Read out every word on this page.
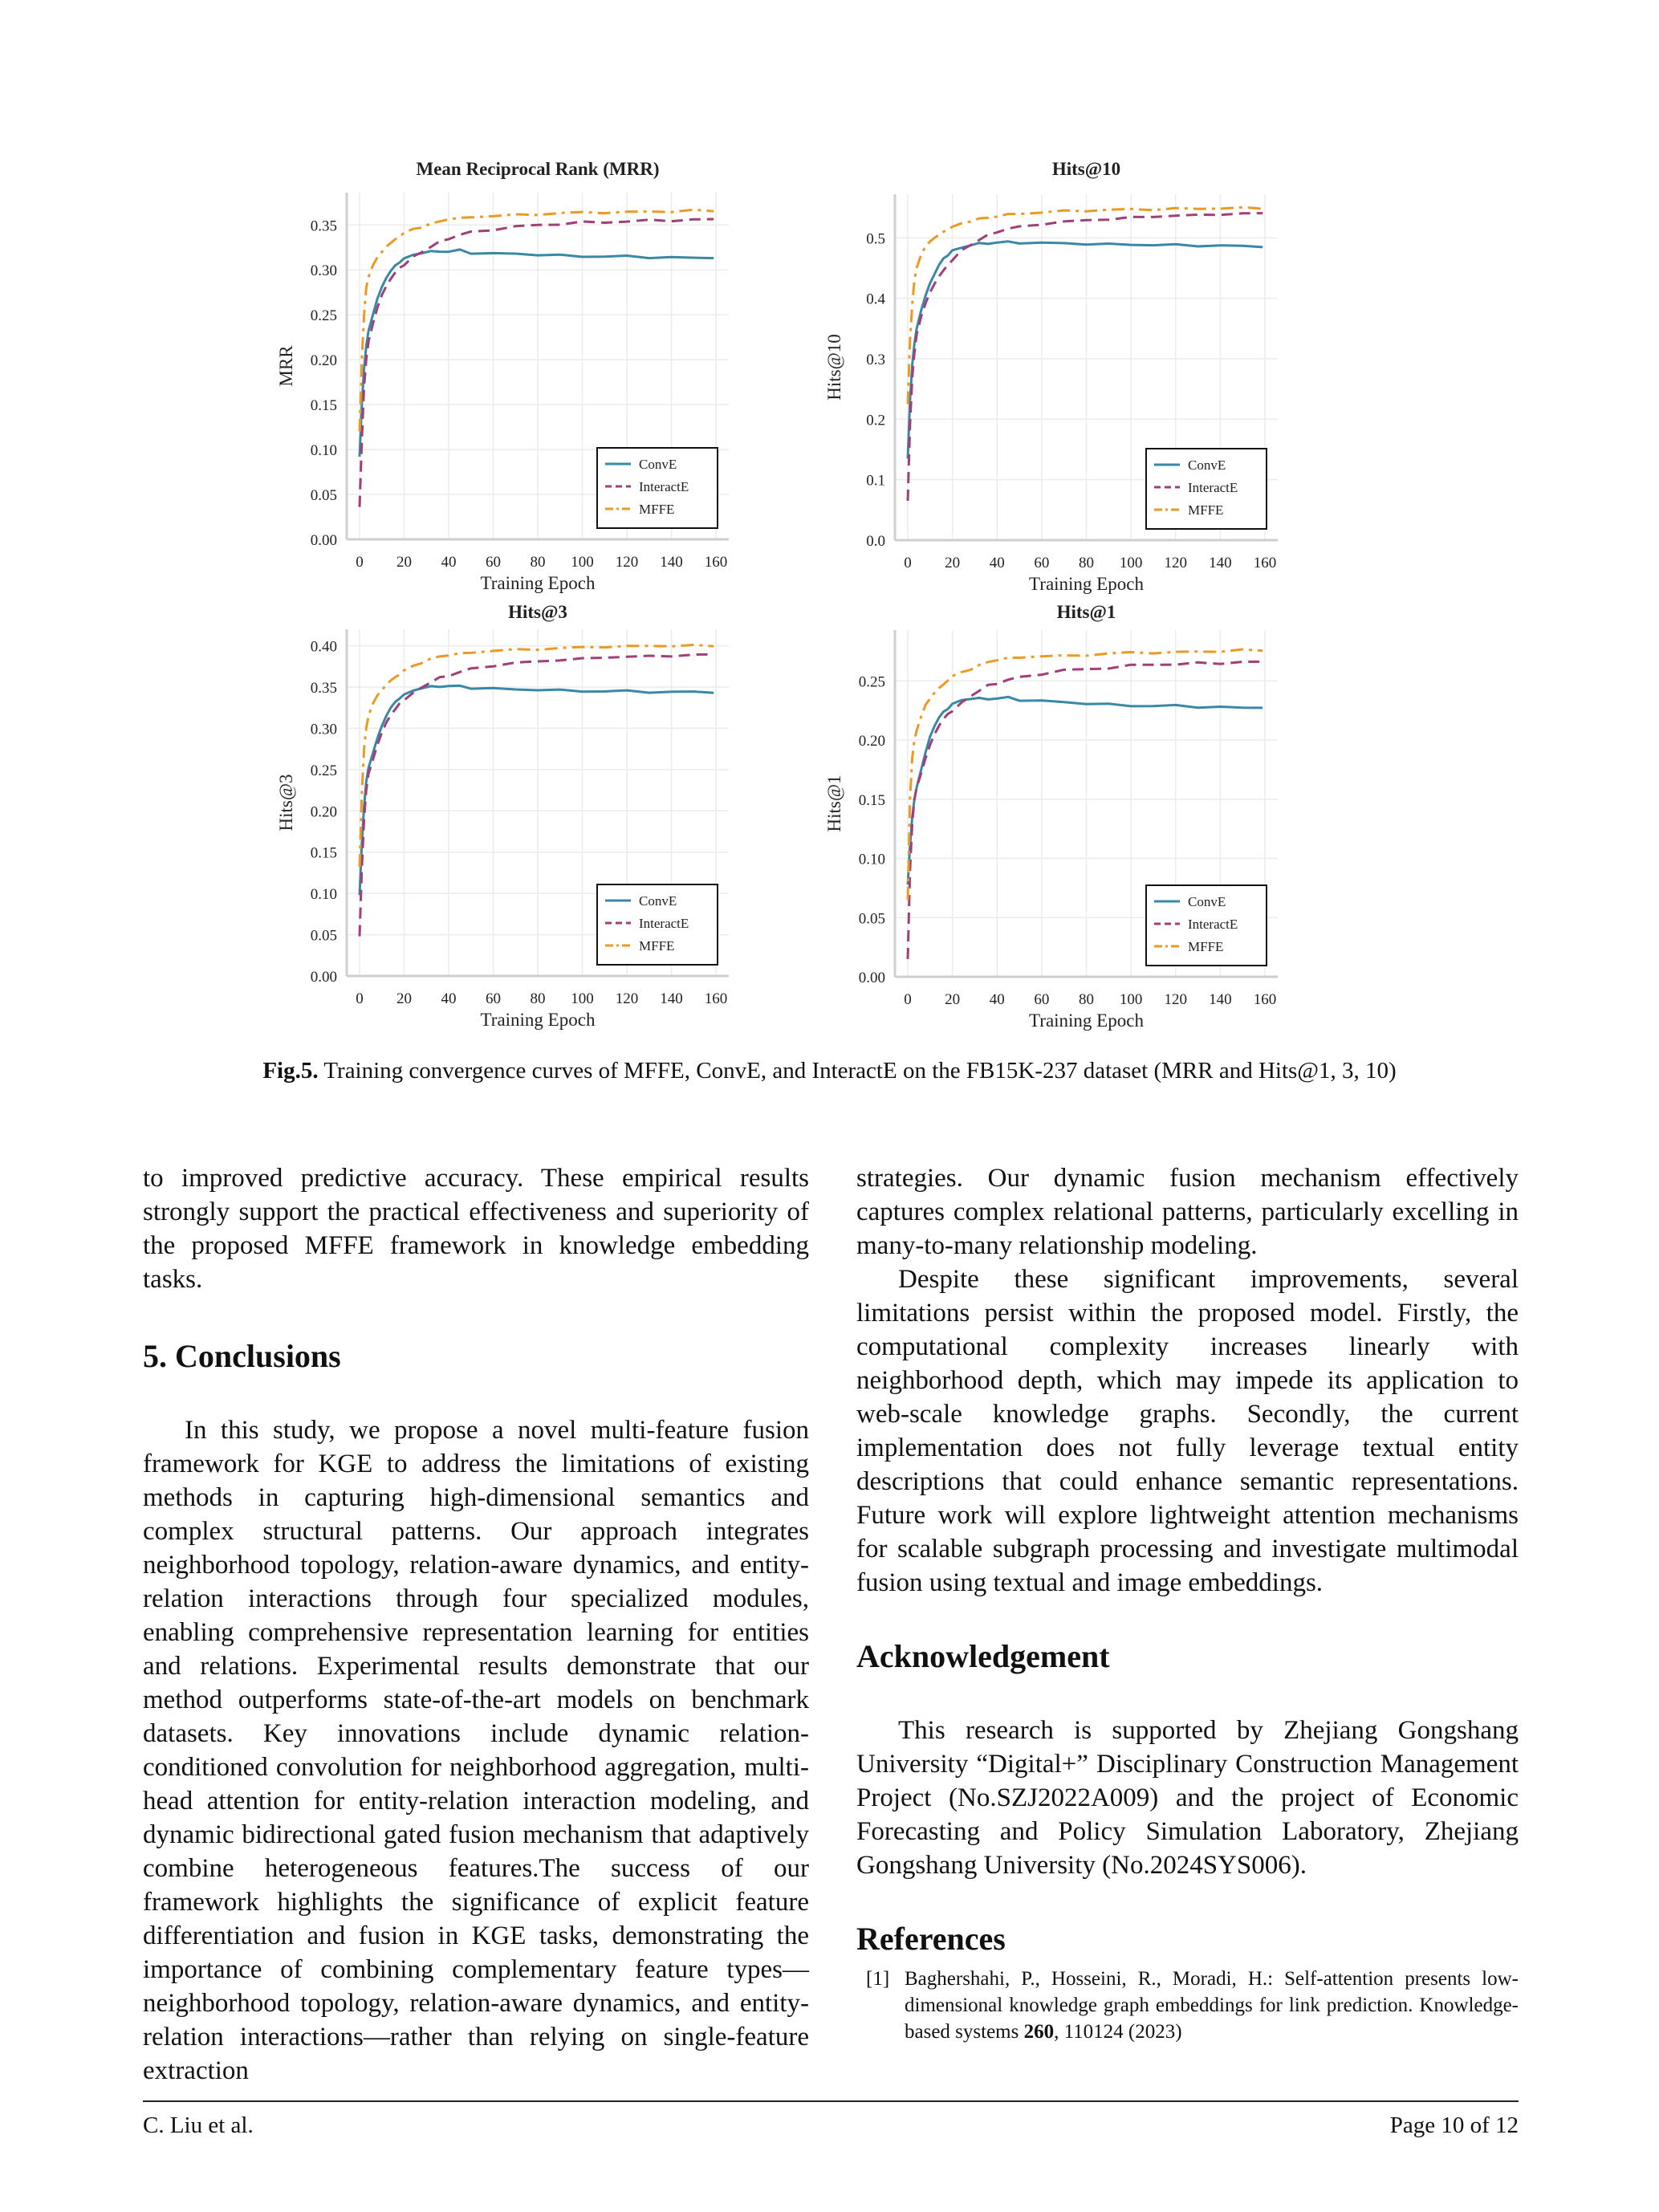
0 20 40 60 80 100 120 140 160
0.00
0.05
0.10
0.15
0.20
0.25
0.30
0.35
Mean Reciprocal Rank (MRR)
Training Epoch
MRR
ConvE
InteractE
MFFE
0 20 40 60 80 100 120 140 160
0.0
0.1
0.2
0.3
0.4
0.5
Hits@10
Training Epoch
Hits@10
ConvE
InteractE
MFFE
0 20 40 60 80 100 120 140 160
0.00
0.05
0.10
0.15
0.20
0.25
0.30
0.35
0.40
Hits@3
Training Epoch
Hits@3
ConvE
InteractE
MFFE
0 20 40 60 80 100 120 140 160
0.00
0.05
0.10
0.15
0.20
0.25
Hits@1
Training Epoch
Hits@1
ConvE
InteractE
MFFE
Fig.5. Training convergence curves of MFFE, ConvE, and InteractE on the FB15K-237 dataset (MRR and Hits@1, 3, 10)

to improved predictive accuracy. These empirical results strongly support the practical effectiveness and superiority of the proposed MFFE framework in knowledge embedding tasks.

5. Conclusions

In this study, we propose a novel multi-feature fusion framework for KGE to address the limitations of existing methods in capturing high-dimensional semantics and complex structural patterns. Our approach integrates neighborhood topology, relation-aware dynamics, and entity-relation interactions through four specialized modules, enabling comprehensive representation learning for entities and relations. Experimental results demonstrate that our method outperforms state-of-the-art models on benchmark datasets. Key innovations include dynamic relation-conditioned convolution for neighborhood aggregation, multi-head attention for entity-relation interaction modeling, and dynamic bidirectional gated fusion mechanism that adaptively combine heterogeneous features.The success of our framework highlights the significance of explicit feature differentiation and fusion in KGE tasks, demonstrating the importance of combining complementary feature types—neighborhood topology, relation-aware dynamics, and entity-relation interactions—rather than relying on single-feature extraction

strategies. Our dynamic fusion mechanism effectively captures complex relational patterns, particularly excelling in many-to-many relationship modeling.

Despite these significant improvements, several limitations persist within the proposed model. Firstly, the computational complexity increases linearly with neighborhood depth, which may impede its application to web-scale knowledge graphs. Secondly, the current implementation does not fully leverage textual entity descriptions that could enhance semantic representations. Future work will explore lightweight attention mechanisms for scalable subgraph processing and investigate multimodal fusion using textual and image embeddings.

Acknowledgement

This research is supported by Zhejiang Gongshang University “Digital+” Disciplinary Construction Management Project (No.SZJ2022A009) and the project of Economic Forecasting and Policy Simulation Laboratory, Zhejiang Gongshang University (No.2024SYS006).

References
[1] Baghershahi, P., Hosseini, R., Moradi, H.: Self-attention presents low-dimensional knowledge graph embeddings for link prediction. Knowledge-based systems 260, 110124 (2023)
C. Liu et al.	Page 10 of 12
